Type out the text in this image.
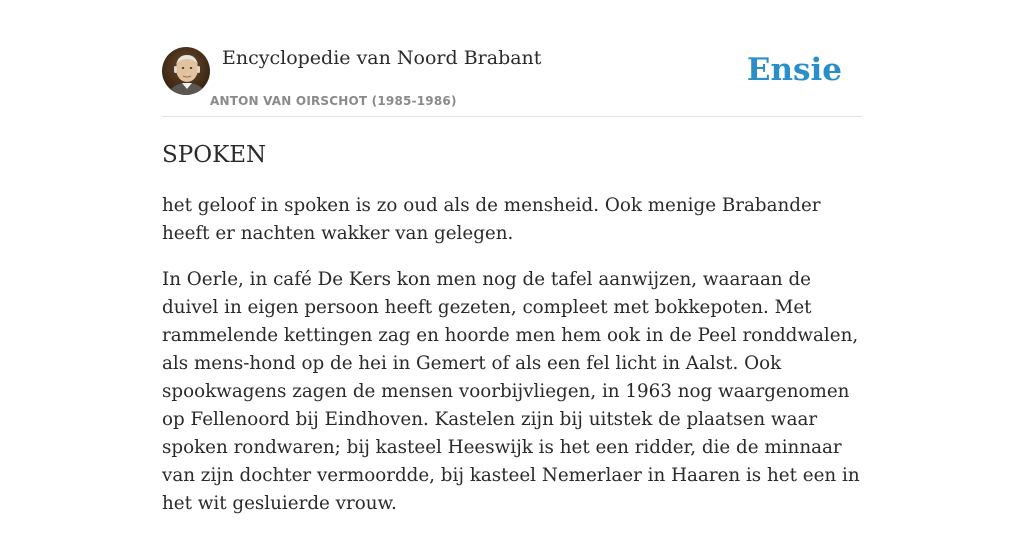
Encyclopedie van Noord Brabant
ANTON VAN OIRSCHOT (1985-1986)
Ensie
SPOKEN

het geloof in spoken is zo oud als de mensheid. Ook menige Brabander heeft er nachten wakker van gelegen.

In Oerle, in café De Kers kon men nog de tafel aanwijzen, waaraan de duivel in eigen persoon heeft gezeten, compleet met bokkepoten. Met rammelende kettingen zag en hoorde men hem ook in de Peel ronddwalen, als mens-hond op de hei in Gemert of als een fel licht in Aalst. Ook spookwagens zagen de mensen voorbijvliegen, in 1963 nog waargenomen op Fellenoord bij Eindhoven. Kastelen zijn bij uitstek de plaatsen waar spoken rondwaren; bij kasteel Heeswijk is het een ridder, die de minnaar van zijn dochter vermoordde, bij kasteel Nemerlaer in Haaren is het een in het wit gesluierde vrouw.
